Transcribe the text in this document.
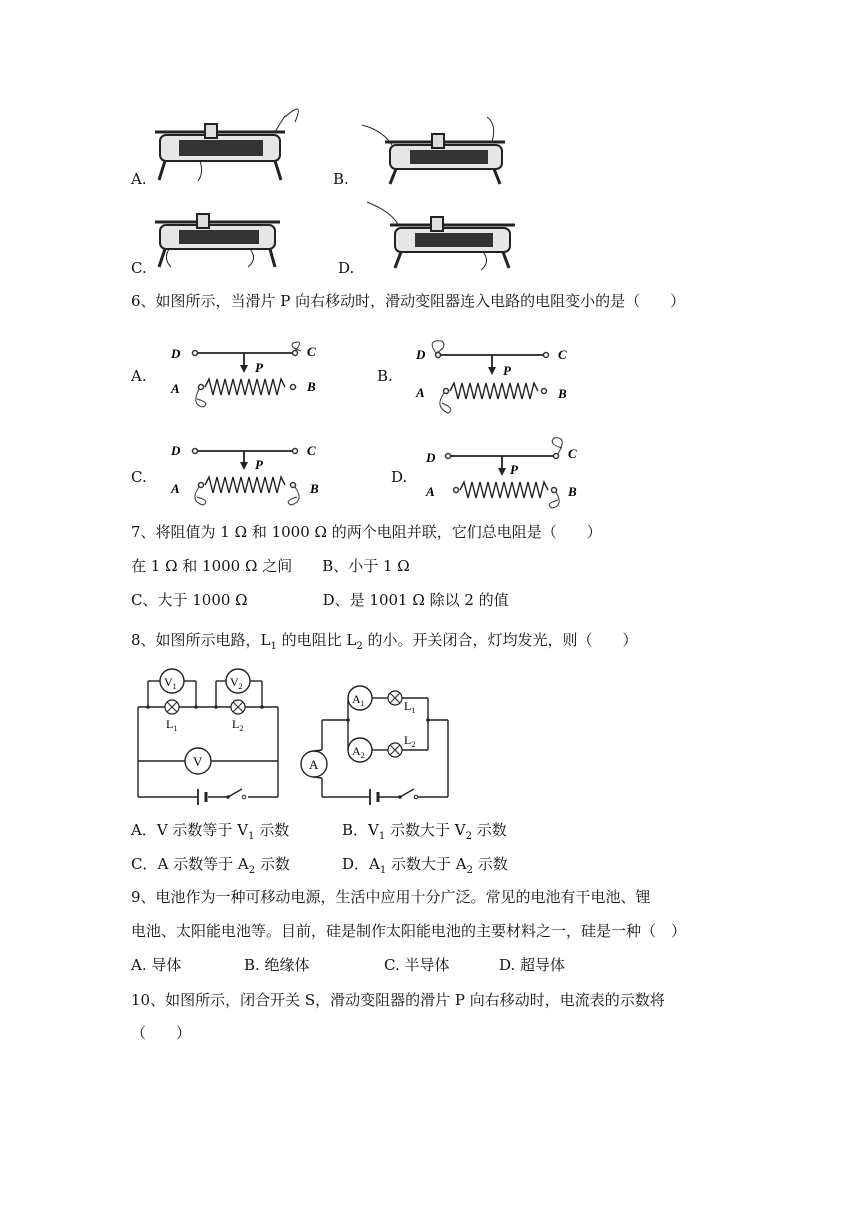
A.	B.
C.	D.
6、如图所示，当滑片 P 向右移动时，滑动变阻器连入电路的电阻变小的是（　　）
A.	B.
C.	D.
D	C
A	B
P
D	C
A	B
P
D	C
A	B
P	D	C
A	B
P
7、将阻值为 1 Ω 和 1000 Ω 的两个电阻并联，它们总电阻是（　　）
在 1 Ω 和 1000 Ω 之间　　B、小于 1 Ω
C、大于 1000 Ω　　　　　D、是 1001 Ω 除以 2 的值
8、如图所示电路，$L_1$ 的电阻比 $L_2$ 的小。开关闭合，灯均发光，则（　　）
V
$V_1$
$L_1$
$V_2$
$L_2$
A
$A_1$	$L_1$
$A_2$
$L_2$
A．V 示数等于 $V_1$ 示数	B．$V_1$ 示数大于 $V_2$ 示数
C．A 示数等于 $A_2$ 示数	D．$A_1$ 示数大于 $A_2$ 示数
9、电池作为一种可移动电源，生活中应用十分广泛。常见的电池有干电池、锂
电池、太阳能电池等。目前，硅是制作太阳能电池的主要材料之一，硅是一种（　）
A. 导体	B. 绝缘体	C. 半导体	D. 超导体
10、如图所示，闭合开关 S，滑动变阻器的滑片 P 向右移动时，电流表的示数将
（　　）
